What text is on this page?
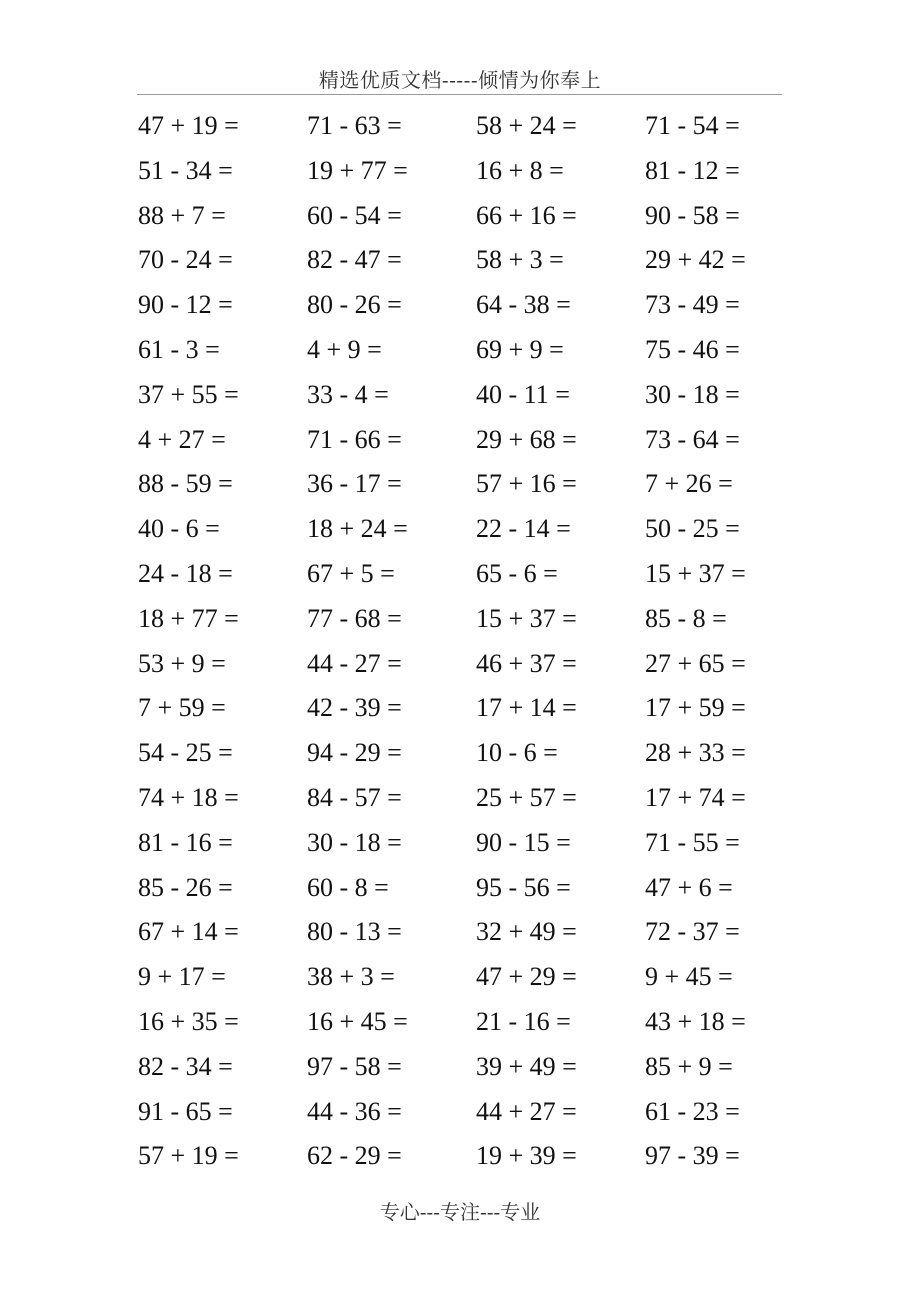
精选优质文档-----倾情为你奉上
47 + 19 =	71 - 63 =	58 + 24 =	71 - 54 =
51 - 34 =	19 + 77 =	16 + 8 =	81 - 12 =
88 + 7 =	60 - 54 =	66 + 16 =	90 - 58 =
70 - 24 =	82 - 47 =	58 + 3 =	29 + 42 =
90 - 12 =	80 - 26 =	64 - 38 =	73 - 49 =
61 - 3 =	4 + 9 =	69 + 9 =	75 - 46 =
37 + 55 =	33 - 4 =	40 - 11 =	30 - 18 =
4 + 27 =	71 - 66 =	29 + 68 =	73 - 64 =
88 - 59 =	36 - 17 =	57 + 16 =	7 + 26 =
40 - 6 =	18 + 24 =	22 - 14 =	50 - 25 =
24 - 18 =	67 + 5 =	65 - 6 =	15 + 37 =
18 + 77 =	77 - 68 =	15 + 37 =	85 - 8 =
53 + 9 =	44 - 27 =	46 + 37 =	27 + 65 =
7 + 59 =	42 - 39 =	17 + 14 =	17 + 59 =
54 - 25 =	94 - 29 =	10 - 6 =	28 + 33 =
74 + 18 =	84 - 57 =	25 + 57 =	17 + 74 =
81 - 16 =	30 - 18 =	90 - 15 =	71 - 55 =
85 - 26 =	60 - 8 =	95 - 56 =	47 + 6 =
67 + 14 =	80 - 13 =	32 + 49 =	72 - 37 =
9 + 17 =	38 + 3 =	47 + 29 =	9 + 45 =
16 + 35 =	16 + 45 =	21 - 16 =	43 + 18 =
82 - 34 =	97 - 58 =	39 + 49 =	85 + 9 =
91 - 65 =	44 - 36 =	44 + 27 =	61 - 23 =
57 + 19 =	62 - 29 =	19 + 39 =	97 - 39 =
专心---专注---专业
